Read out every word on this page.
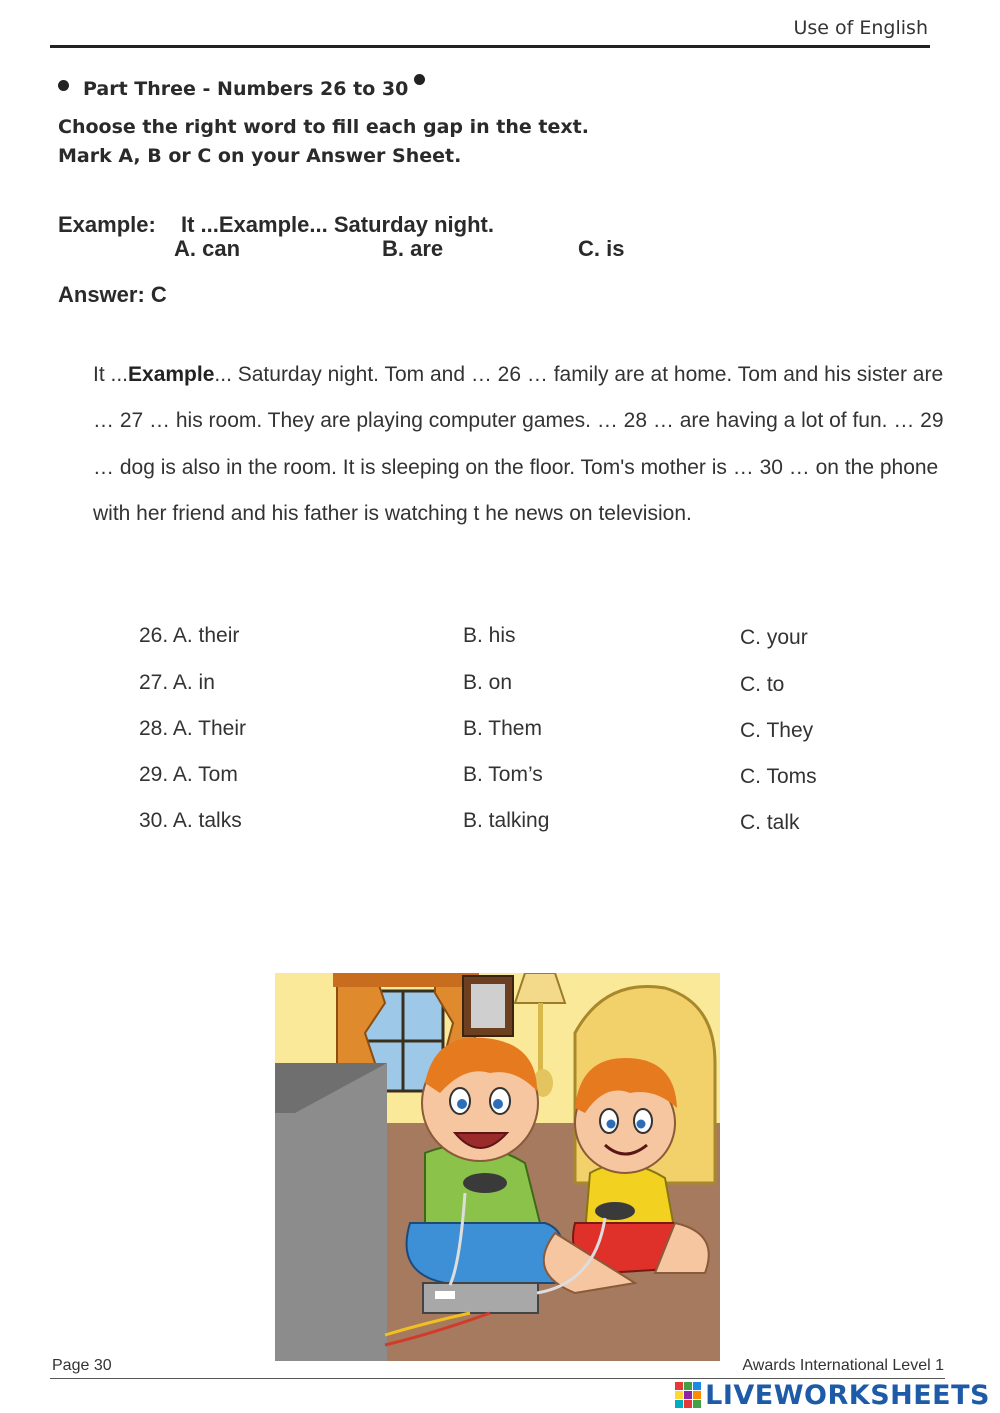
Use of English
Part Three - Numbers 26 to 30
Choose the right word to fill each gap in the text.
Mark A, B or C on your Answer Sheet.
Example: It ...Example... Saturday night.
A. can	B. are	C. is
Answer: C
It ...Example... Saturday night. Tom and … 26 … family are at home. Tom and his sister are … 27 … his room. They are playing computer games. … 28 … are having a lot of fun. … 29 … dog is also in the room. It is sleeping on the floor. Tom's mother is … 30 … on the phone with her friend and his father is watching t he news on television.
26. A. their	B. his	C. your
27. A. in	B. on	C. to
28. A. Their	B. Them	C. They
29. A. Tom	B. Tom’s	C. Toms
30. A. talks	B. talking	C. talk
Page 30	Awards International Level 1
LIVEWORKSHEETS
